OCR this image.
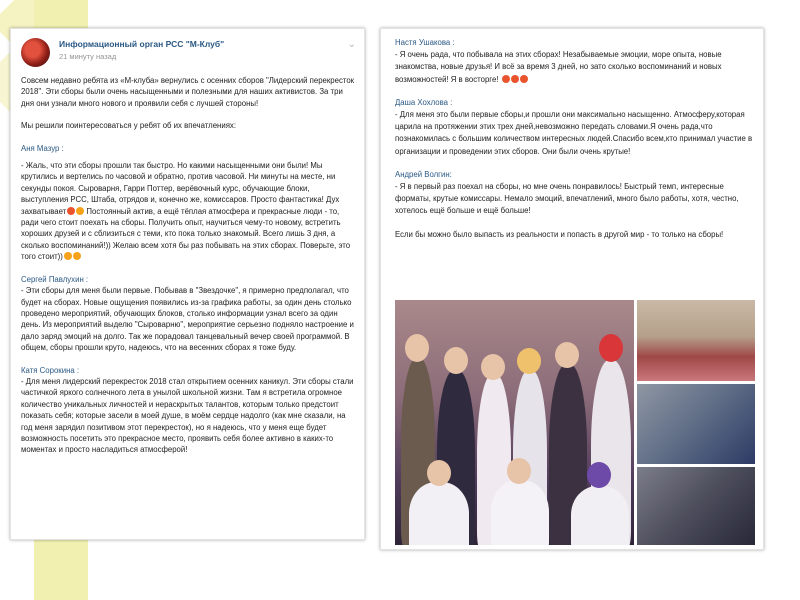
Информационный орган РСС "М-Клуб"
21 минуту назад
⌄

Совсем недавно ребята из «М-клуба» вернулись с осенних сборов "Лидерский перекресток 2018". Эти сборы были очень насыщенными и полезными для наших активистов. За три дня они узнали много нового и проявили себя с лучшей стороны!

Мы решили поинтересоваться у ребят об их впечатлениях:

Аня Мазур :
- Жаль, что эти сборы прошли так быстро. Но какими насыщенными они были! Мы крутились и вертелись по часовой и обратно, против часовой. Ни минуты на месте, ни секунды покоя. Сыроварня, Гарри Поттер, верёвочный курс, обучающие блоки, выступления РСС, Штаба, отрядов и, конечно же, комиссаров. Просто фантастика! Дух захватывает Постоянный актив, а ещё тёплая атмосфера и прекрасные люди - то, ради чего стоит поехать на сборы. Получить опыт, научиться чему-то новому, встретить хороших друзей и с сблизиться с теми, кто пока только знакомый. Всего лишь 3 дня, а сколько воспоминаний!)) Желаю всем хотя бы раз побывать на этих сборах. Поверьте, это того стоит))

Сергей Павлухин :
- Эти сборы для меня были первые. Побывав в "Звездочке", я примерно предполагал, что будет на сборах. Новые ощущения появились из-за графика работы, за один день столько проведено мероприятий, обучающих блоков, столько информации узнал всего за один день. Из мероприятий выделю "Сыроварню", мероприятие серьезно подняло настроение и дало заряд эмоций на долго. Так же порадовал танцевальный вечер своей программой. В общем, сборы прошли круто, надеюсь, что на весенних сборах я тоже буду.

Катя Сорокина :
- Для меня лидерский перекресток 2018 стал открытием осенних каникул. Эти сборы стали частичкой яркого солнечного лета в унылой школьной жизни. Там я встретила огромное количество уникальных личностей и нераскрытых талантов, которым только предстоит показать себя; которые засели в моей душе, в моём сердце надолго (как мне сказали, на год меня зарядил позитивом этот перекресток), но я надеюсь, что у меня еще будет возможность посетить это прекрасное место, проявить себя более активно в каких-то моментах и просто насладиться атмосферой!

Настя Ушакова :
- Я очень рада, что побывала на этих сборах! Незабываемые эмоции, море опыта, новые знакомства, новые друзья! И всё за время 3 дней, но зато сколько воспоминаний и новых возможностей! Я в восторге!

Даша Хохлова :
- Для меня это были первые сборы,и прошли они максимально насыщенно. Атмосферу,которая царила на протяжении этих трех дней,невозможно передать словами.Я очень рада,что познакомилась с большим количеством интересных людей.Спасибо всем,кто принимал участие в организации и проведении этих сборов. Они были очень крутые!

Андрей Волгин:
- Я в первый раз поехал на сборы, но мне очень понравилось! Быстрый темп, интересные форматы, крутые комиссары. Немало эмоций, впечатлений, много было работы, хотя, честно, хотелось ещё больше и ещё больше!

Если бы можно было выпасть из реальности и попасть в другой мир - то только на сборы!
